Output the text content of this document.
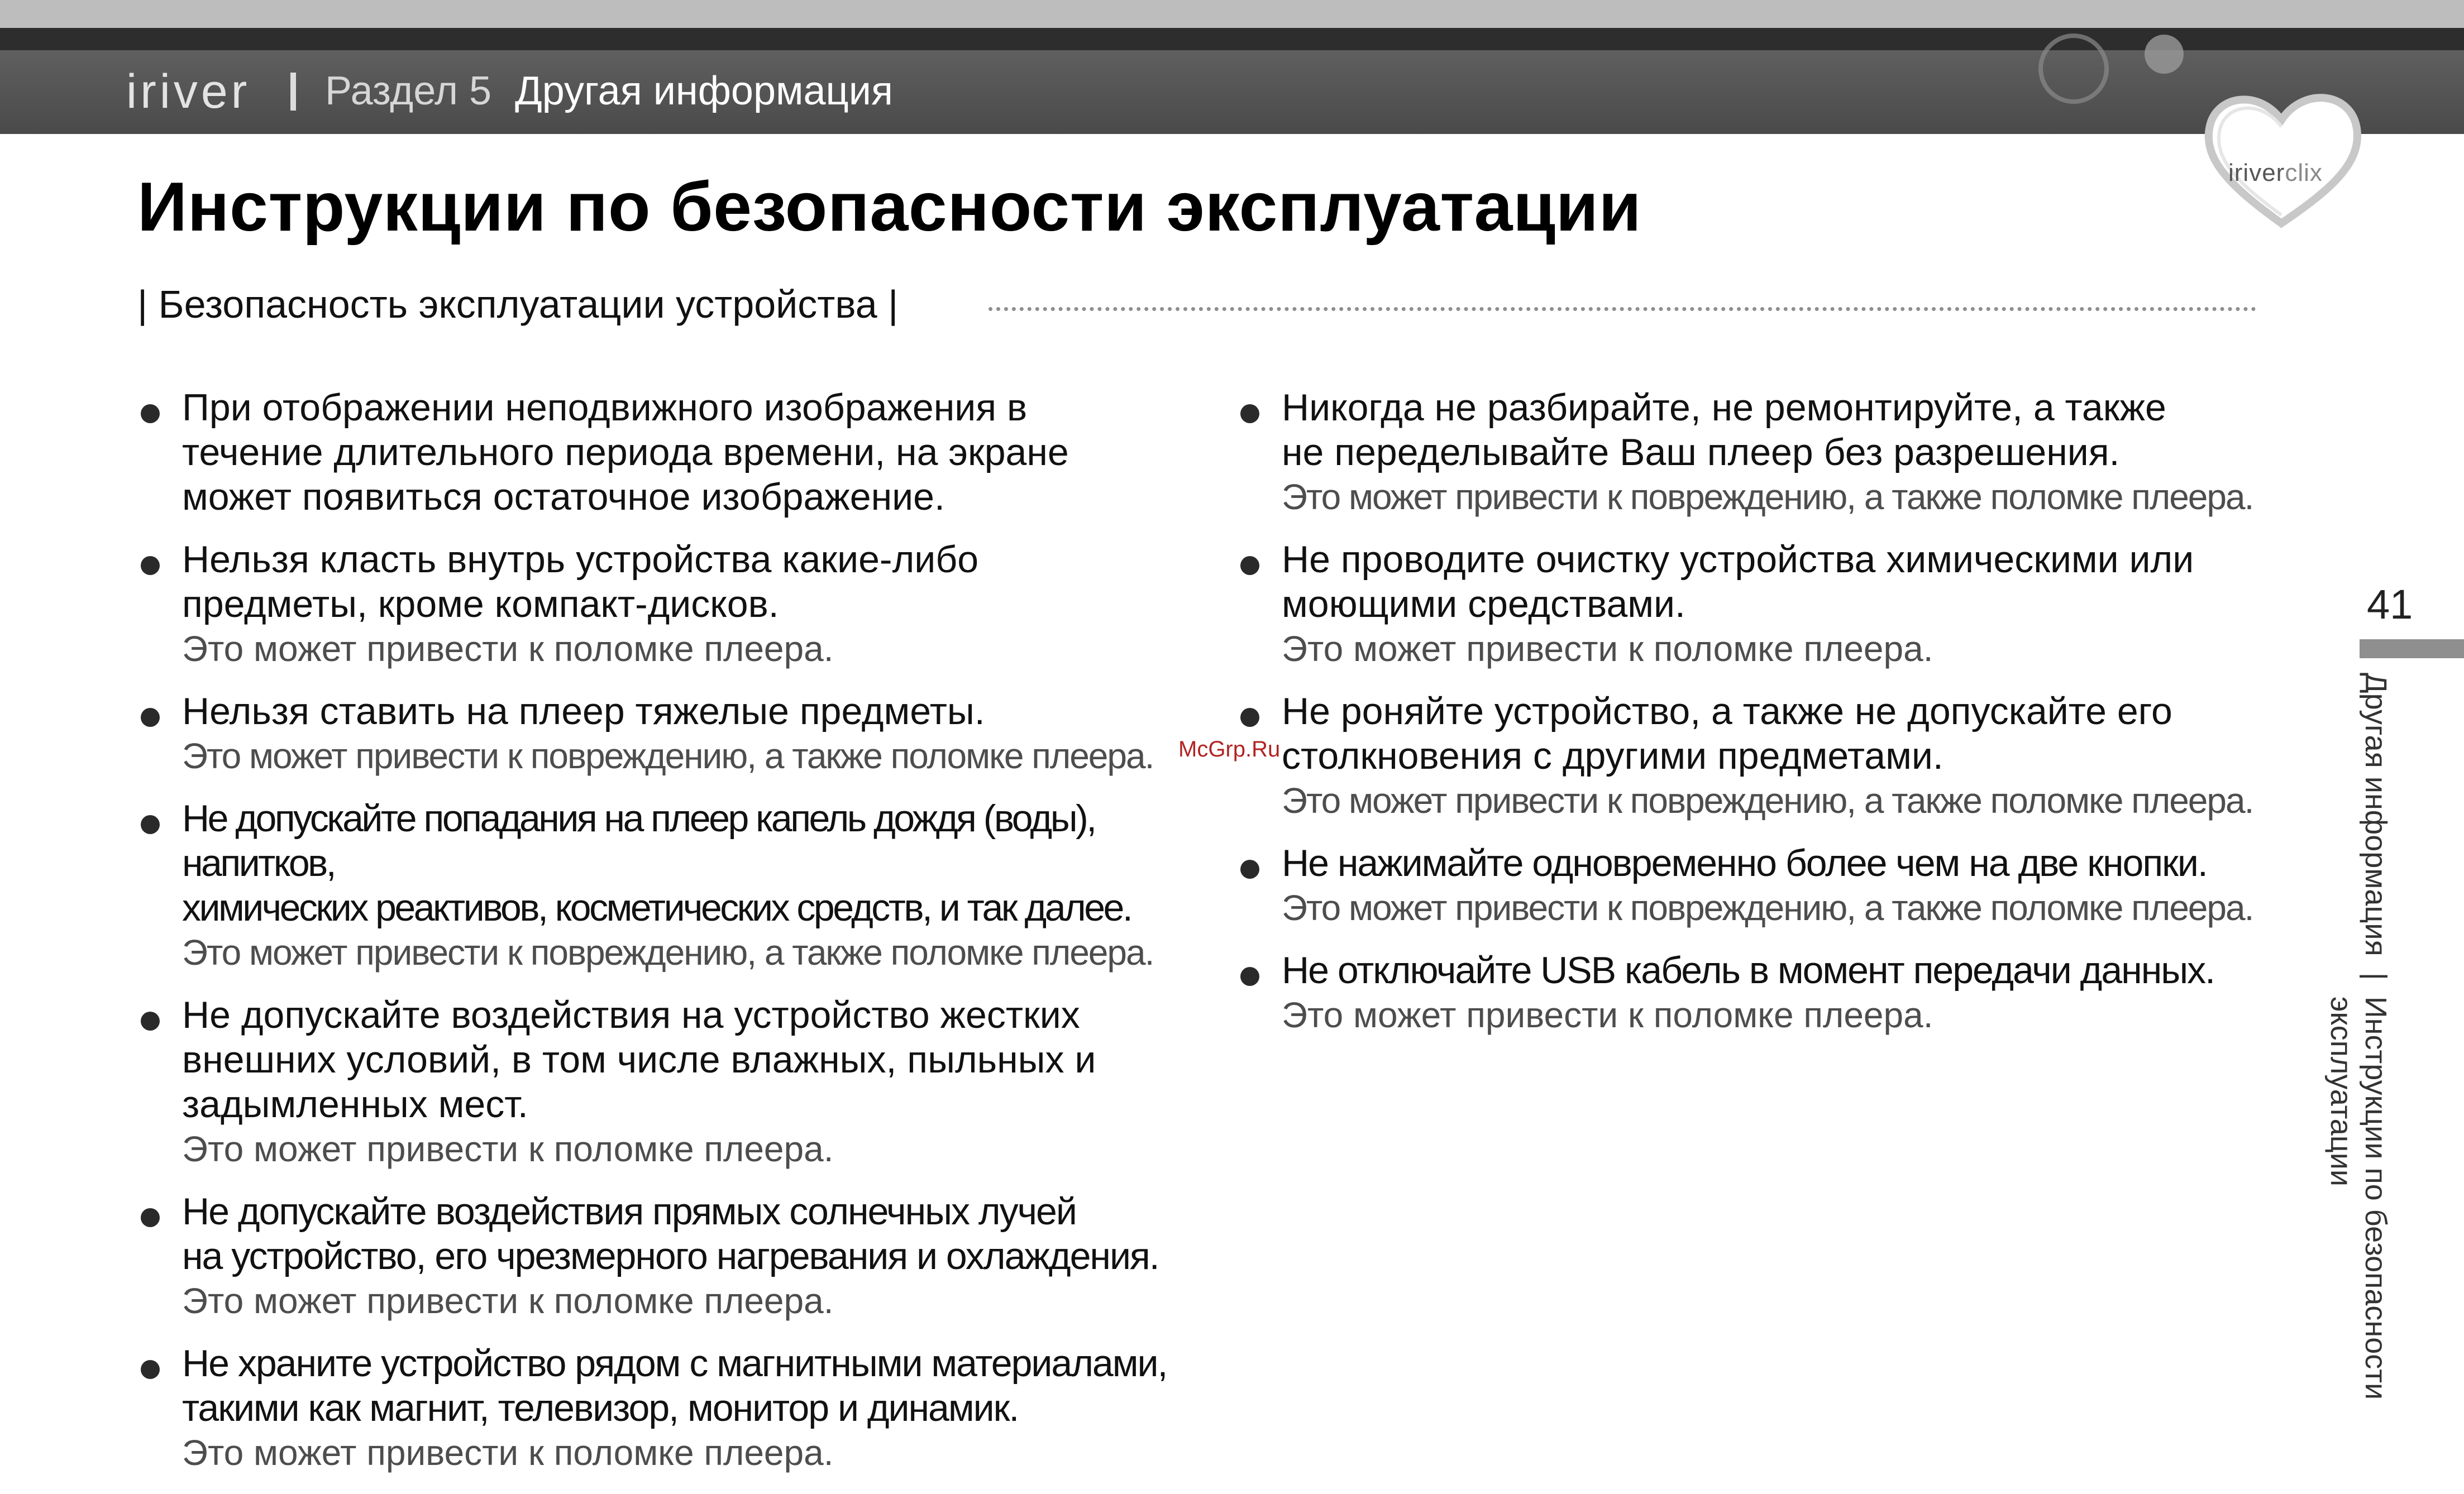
iriver Раздел 5 Другая информация
iriverclix
Инструкции по безопасности эксплуатации
| Безопасность эксплуатации устройства |
При отображении неподвижного изображения в
течение длительного периода времени, на экране
может появиться остаточное изображение.
Нельзя класть внутрь устройства какие-либо
предметы, кроме компакт-дисков.
Это может привести к поломке плеера.
Нельзя ставить на плеер тяжелые предметы.
Это может привести к повреждению, а также поломке плеера.
Не допускайте попадания на плеер капель дождя (воды), напитков,
химических реактивов, косметических средств, и так далее.
Это может привести к повреждению, а также поломке плеера.
Не допускайте воздействия на устройство жестких
внешних условий, в том числе влажных, пыльных и
задымленных мест.
Это может привести к поломке плеера.
Не допускайте воздействия прямых солнечных лучей
на устройство, его чрезмерного нагревания и охлаждения.
Это может привести к поломке плеера.
Не храните устройство рядом с магнитными материалами,
такими как магнит, телевизор, монитор и динамик.
Это может привести к поломке плеера.
Никогда не разбирайте, не ремонтируйте, а также
не переделывайте Ваш плеер без разрешения.
Это может привести к повреждению, а также поломке плеера.
Не проводите очистку устройства химическими или
моющими средствами.
Это может привести к поломке плеера.
Не роняйте устройство, а также не допускайте его
столкновения с другими предметами.
Это может привести к повреждению, а также поломке плеера.
Не нажимайте одновременно более чем на две кнопки.
Это может привести к повреждению, а также поломке плеера.
Не отключайте USB кабель в момент передачи данных.
Это может привести к поломке плеера.
McGrp.Ru
41
Другая информация | Инструкции по безопасности
эксплуатации
